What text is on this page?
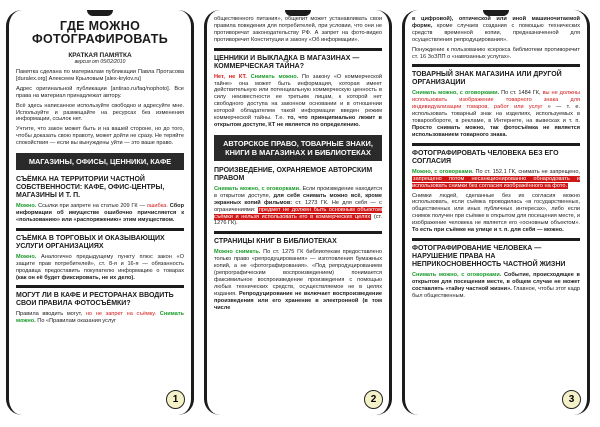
ГДЕ МОЖНО ФОТОГРАФИРОВАТЬ
КРАТКАЯ ПАМЯТКА
версия от 05/02/2010

Памятка сделана по материалам публикации Павла Протасова [duralex.org] Алексеем Крыловым [alex-krylov.ru]

Адрес оригинальной публикации [antirao.ru/faq/nophoto]. Все права на материал принадлежат автору.

Всё здесь написанное используйте свободно и адресуйте мне. Используйте и размещайте на ресурсах без изменения информации, ссылок нет.

Учтите, что закон может быть и на вашей стороне, но до того, чтобы доказать свою правоту, может дойти не сразу. Не теряйте спокойствия — если вы вынуждены уйти — это ваше право.

МАГАЗИНЫ, ОФИСЫ, ЦЕННИКИ, КАФЕ
СЪЁМКА НА ТЕРРИТОРИИ ЧАСТНОЙ СОБСТВЕННОСТИ: КАФЕ, ОФИС-ЦЕНТРЫ, МАГАЗИНЫ И Т. П.

Можно. Ссылки при запрете на статью 209 ГК — ошибка. Сбор информации об имуществе ошибочно причисляется к «пользованию» или «распоряжению» этим имуществом.

СЪЁМКА В ТОРГОВЫХ И ОКАЗЫВАЮЩИХ УСЛУГИ ОРГАНИЗАЦИЯХ

Можно. Аналогично предыдущему пункту плюс закон «О защите прав потребителей», ст. 8-я и 16-я — обязанность продавца предоставить покупателю информацию о товарах (как он её будет фиксировать, не их дело).

МОГУТ ЛИ В КАФЕ И РЕСТОРАНАХ ВВОДИТЬ СВОИ ПРАВИЛА ФОТОСЪЁМКИ?

Правила вводить могут, но не запрет на съёмку. Снимать можно. По «Правилам оказания услуг

1

общественного питания», общепит может устанавливать свои правила поведения для потребителей, при условии, что они не противоречат законодательству РФ. А запрет на фото-видео противоречит Конституции и закону «Об информации».

ЦЕННИКИ И ВЫКЛАДКА В МАГАЗИНАХ — КОММЕРЧЕСКАЯ ТАЙНА?

Нет, не КТ. Снимать можно. По закону «О коммерческой тайне» она может быть информация, которая имеет действительную или потенциальную коммерческую ценность в силу неизвестности ее третьим лицам, к которой нет свободного доступа на законном основании и в отношении которой обладателем такой информации введен режим коммерческой тайны. Т.е. то, что принципиально лежит в открытом доступе, КТ не является по определению.

АВТОРСКОЕ ПРАВО, ТОВАРНЫЕ ЗНАКИ, КНИГИ В МАГАЗИНАХ И БИБЛИОТЕКАХ
ПРОИЗВЕДЕНИЕ, ОХРАНЯЕМОЕ АВТОРСКИМ ПРАВОМ

Снимать можно, с оговорками. Если произведение находится в открытом доступе, для себя снимать можно всё, кроме экранных копий фильмов: ст. 1273 ГК. Не для себя — с ограничениями: предмет не должен быть основным объектом съёмки и нельзя использовать его в коммерческих целях (ст. 1276 ГК).

СТРАНИЦЫ КНИГ В БИБЛИОТЕКАХ

Можно снимать. По ст. 1275 ГК библиотекам предоставлено только право «репродуцирования» — изготовления бумажных копий, а не «фотографирования». «Под репродуцированием (репрографическим воспроизведением) понимается факсимильное воспроизведение произведения с помощью любых технических средств, осуществляемое не в целях издания. Репродуцирование не включает воспроизведение произведения или его хранение в электронной (в том числе

2

в цифровой), оптической или иной машиночитаемой форме, кроме случаев создания с помощью технических средств временной копии, предназначенной для осуществления репродуцирования».

Понуждение к пользованию ксерокса библиотеки противоречит ст. 16 ЗоЗПП о «навязанных услугах».

ТОВАРНЫЙ ЗНАК МАГАЗИНА ИЛИ ДРУГОЙ ОРГАНИЗАЦИИ

Снимать можно, с оговорками. По ст. 1484 ГК, вы не должны использовать изображение товарного знака для индивидуализации товаров, работ или услуг » — т. е. использовать товарный знак на изделиях, используемых в товарообороте, в рекламе, в Интернете, на вывесках и т. п. Просто снимать можно, так фотосъёмка не является использованием товарного знака.

ФОТОГРАФИРОВАТЬ ЧЕЛОВЕКА БЕЗ ЕГО СОГЛАСИЯ

Можно, с оговорками. По ст. 152.1 ГК, снимать не запрещено, запрещено потом несанкционированно обнародовать и использовать снимки без согласия изображённого на фото.

Снимки людей, сделанные без их согласия можно использовать, если съёмка проводилась «в государственных, общественных или иных публичных интересах», либо если снимок получен при съёмке в открытом для посещения месте, и изображение человека не является его «основным объектом». То есть при съёмке на улице и т. п. для себя — можно.

ФОТОГРАФИРОВАНИЕ ЧЕЛОВЕКА — НАРУШЕНИЕ ПРАВА НА НЕПРИКОСНОВЕННОСТЬ ЧАСТНОЙ ЖИЗНИ

Снимать можно, с оговорками. Событие, происходящее в открытом для посещения месте, в общем случае не может составлять «тайну частной жизни». Главное, чтобы этот кадр был общественным.

3
